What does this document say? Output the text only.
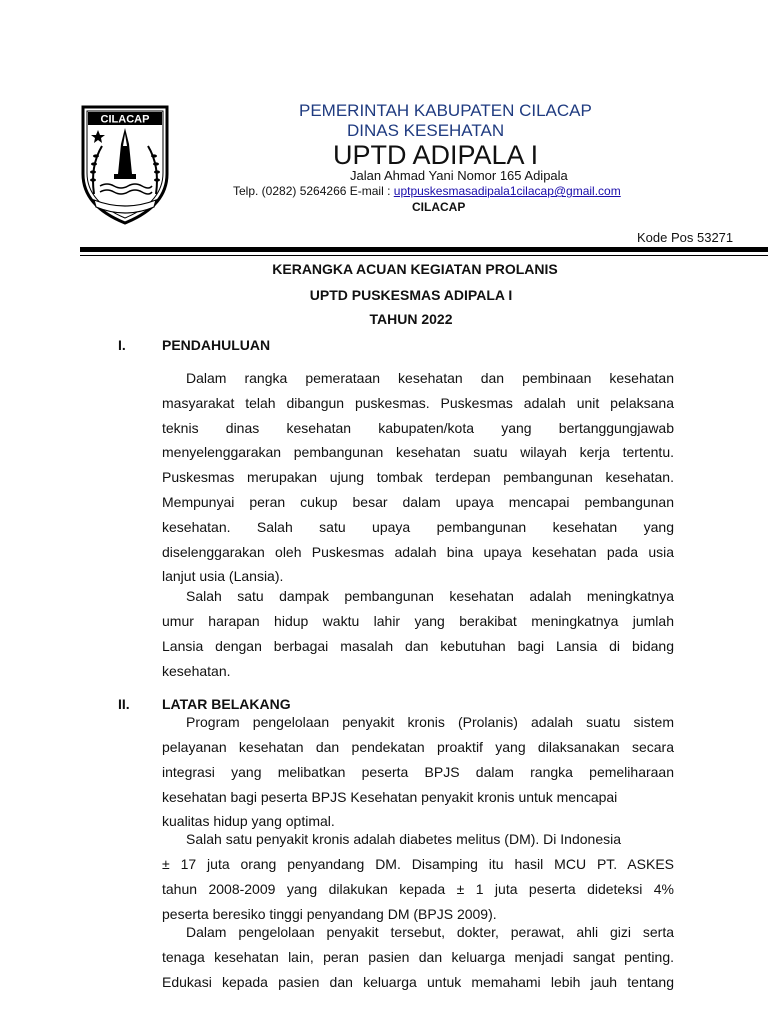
CILACAP	PEMERINTAH KABUPATEN CILACAP
DINAS KESEHATAN
UPTD ADIPALA I
Jalan Ahmad Yani Nomor 165 Adipala
Telp. (0282) 5264266 E-mail : uptpuskesmasadipala1cilacap@gmail.com
CILACAP
Kode Pos 53271
KERANGKA ACUAN KEGIATAN PROLANIS
UPTD PUSKESMAS ADIPALA I
TAHUN 2022
I.	PENDAHULUAN
Dalam rangka pemerataan kesehatan dan pembinaan kesehatan
masyarakat telah dibangun puskesmas. Puskesmas adalah unit pelaksana
teknis dinas kesehatan kabupaten/kota yang bertanggungjawab
menyelenggarakan pembangunan kesehatan suatu wilayah kerja tertentu.
Puskesmas merupakan ujung tombak terdepan pembangunan kesehatan.
Mempunyai peran cukup besar dalam upaya mencapai pembangunan
kesehatan. Salah satu upaya pembangunan kesehatan yang
diselenggarakan oleh Puskesmas adalah bina upaya kesehatan pada usia
lanjut usia (Lansia).
Salah satu dampak pembangunan kesehatan adalah meningkatnya
umur harapan hidup waktu lahir yang berakibat meningkatnya jumlah
Lansia dengan berbagai masalah dan kebutuhan bagi Lansia di bidang
kesehatan.
II. LATAR BELAKANG
Program pengelolaan penyakit kronis (Prolanis) adalah suatu sistem
pelayanan kesehatan dan pendekatan proaktif yang dilaksanakan secara
integrasi yang melibatkan peserta BPJS dalam rangka pemeliharaan
kesehatan bagi peserta BPJS Kesehatan penyakit kronis untuk mencapai
kualitas hidup yang optimal.
Salah satu penyakit kronis adalah diabetes melitus (DM). Di Indonesia
± 17 juta orang penyandang DM. Disamping itu hasil MCU PT. ASKES
tahun 2008-2009 yang dilakukan kepada ± 1 juta peserta dideteksi 4%
peserta beresiko tinggi penyandang DM (BPJS 2009).
Dalam pengelolaan penyakit tersebut, dokter, perawat, ahli gizi serta
tenaga kesehatan lain, peran pasien dan keluarga menjadi sangat penting.
Edukasi kepada pasien dan keluarga untuk memahami lebih jauh tentang
